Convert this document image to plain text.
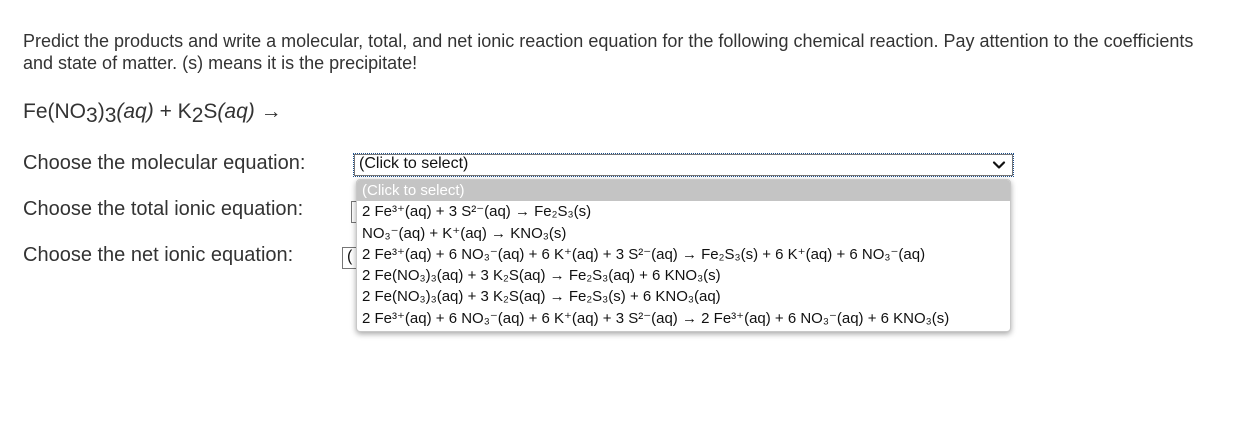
Predict the products and write a molecular, total, and net ionic reaction equation for the following chemical reaction. Pay attention to the coefficients and state of matter. (s) means it is the precipitate!
$Fe(NO_3)_3(aq) + K_2S(aq)$ →
Choose the molecular equation:	(Click to select)
Choose the total ionic equation:
Choose the net ionic equation:	(
(Click to select)
2 Fe³⁺(aq) + 3 S²⁻(aq) → Fe₂S₃(s)
NO₃⁻(aq) + K⁺(aq) → KNO₃(s)
2 Fe³⁺(aq) + 6 NO₃⁻(aq) + 6 K⁺(aq) + 3 S²⁻(aq) → Fe₂S₃(s) + 6 K⁺(aq) + 6 NO₃⁻(aq)
2 Fe(NO₃)₃(aq) + 3 K₂S(aq) → Fe₂S₃(aq) + 6 KNO₃(s)
2 Fe(NO₃)₃(aq) + 3 K₂S(aq) → Fe₂S₃(s) + 6 KNO₃(aq)
2 Fe³⁺(aq) + 6 NO₃⁻(aq) + 6 K⁺(aq) + 3 S²⁻(aq) → 2 Fe³⁺(aq) + 6 NO₃⁻(aq) + 6 KNO₃(s)
